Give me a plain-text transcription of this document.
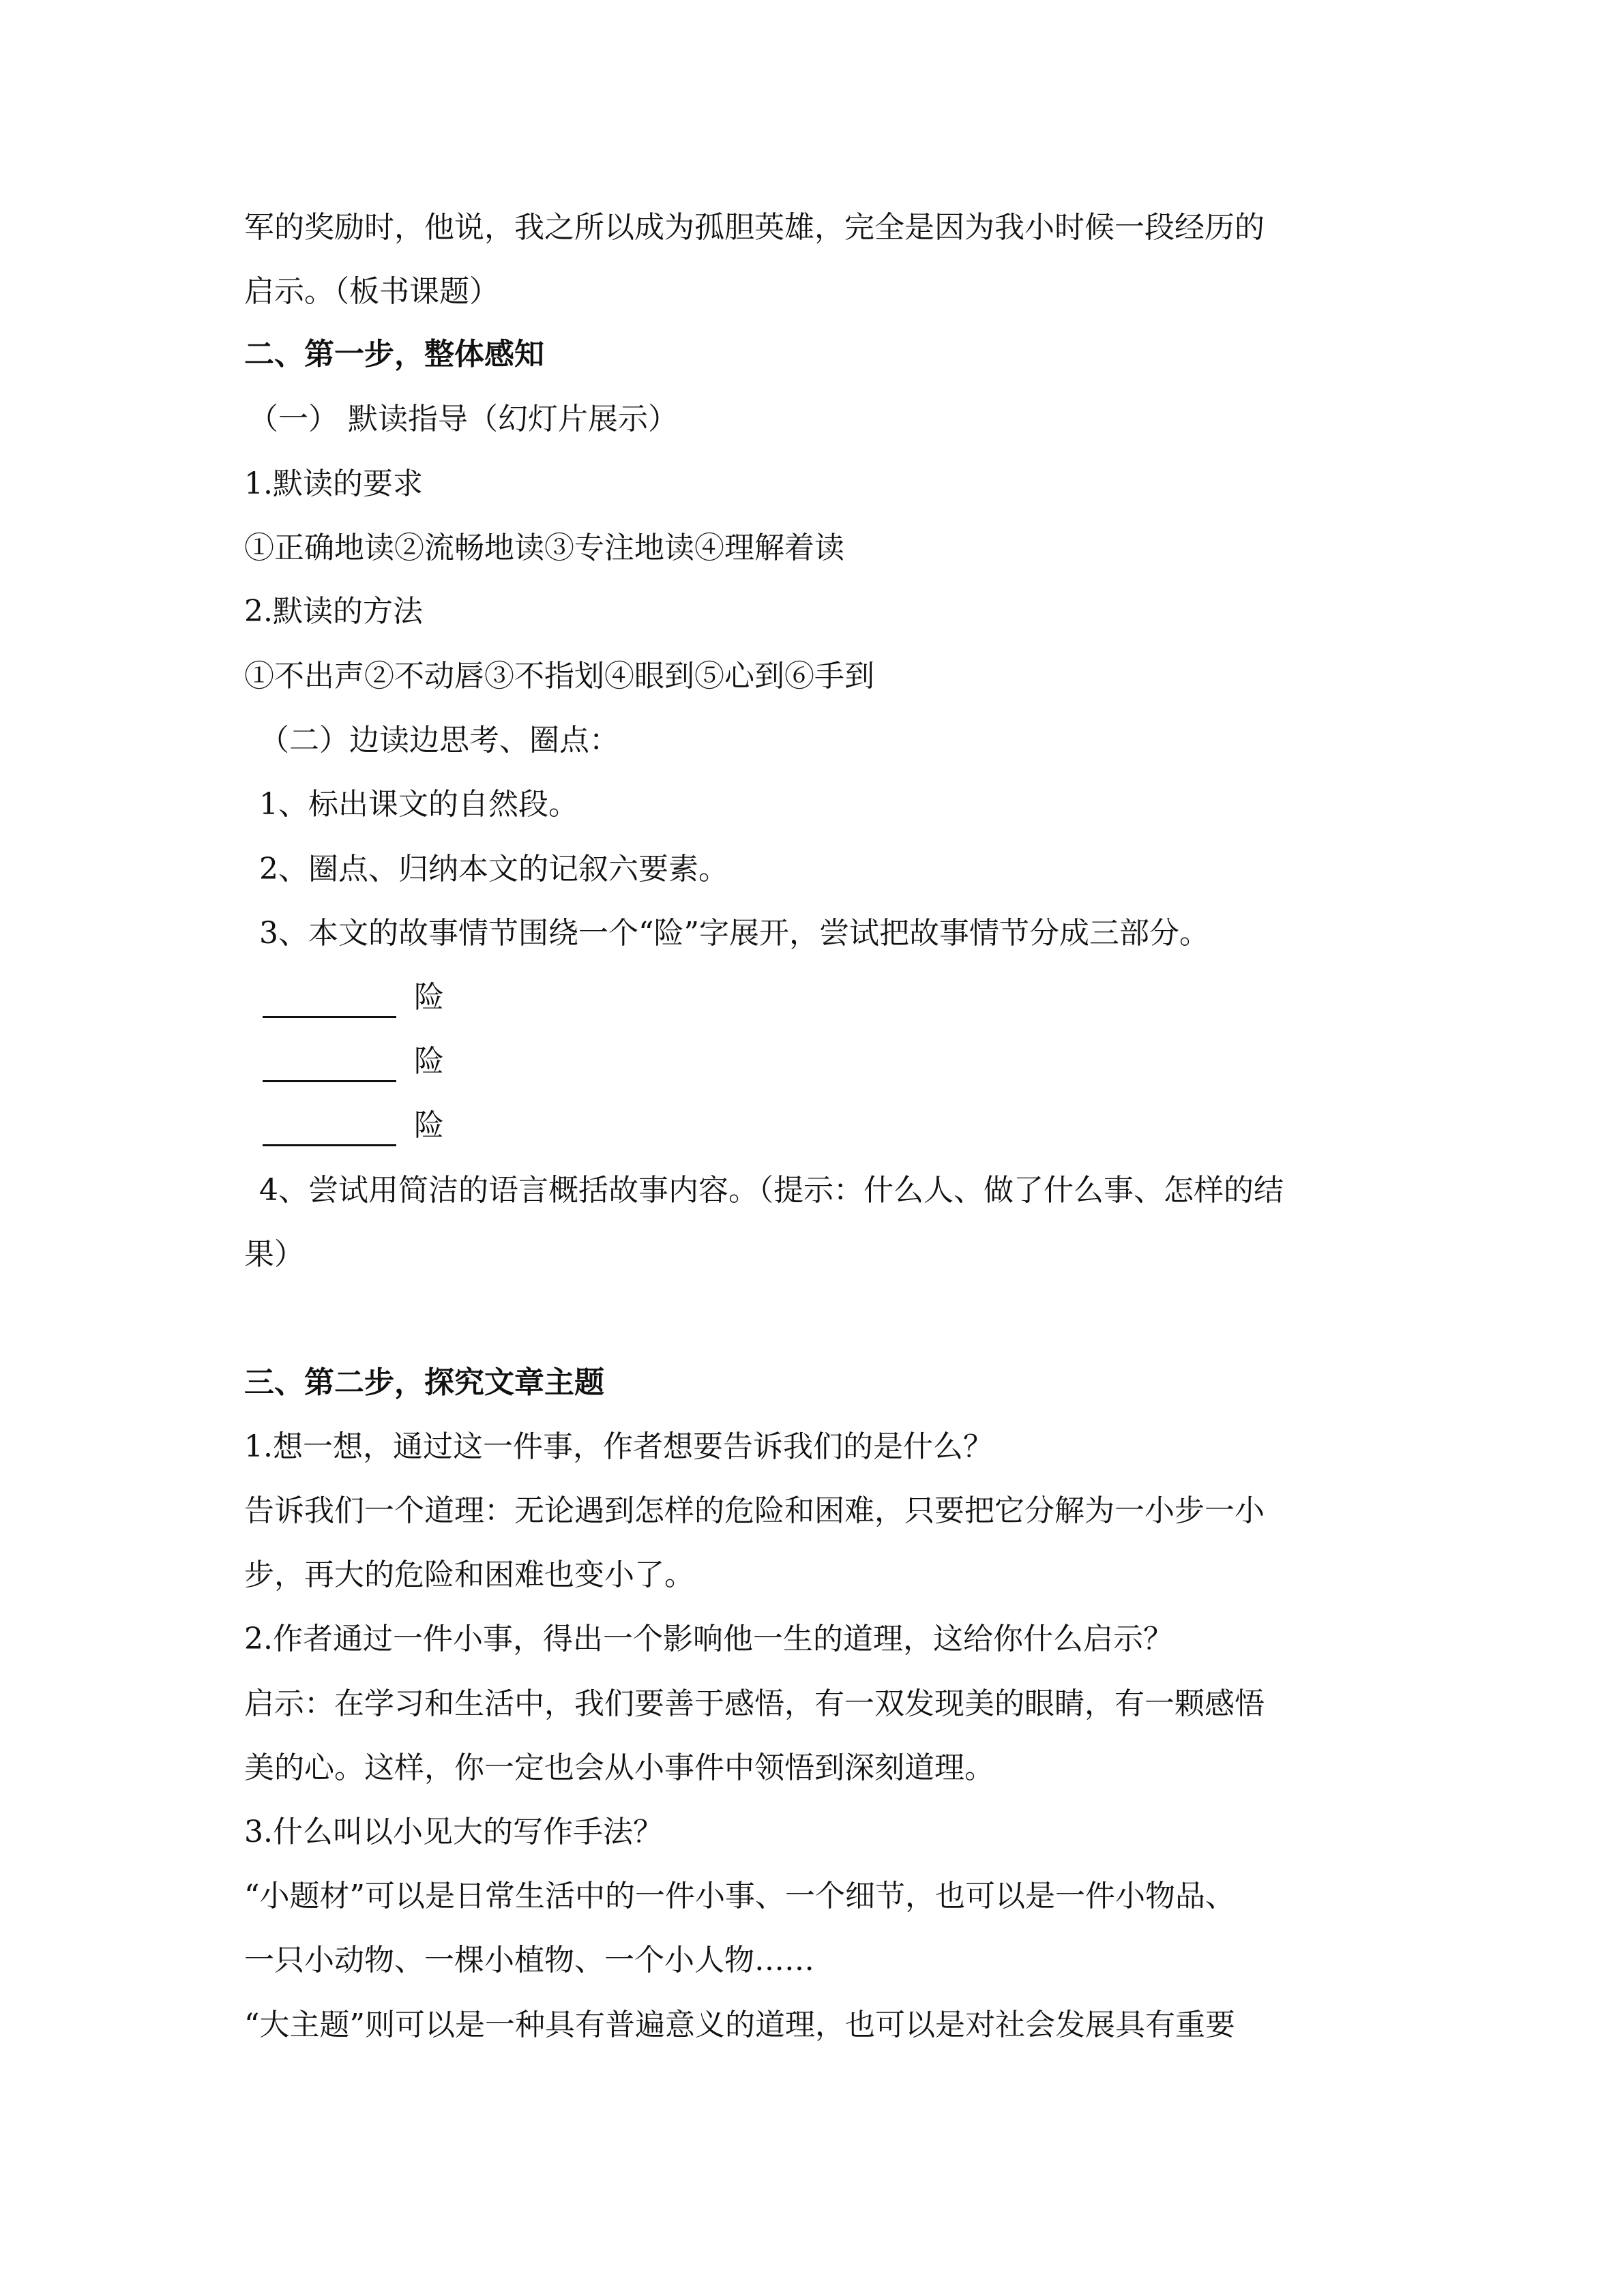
军的奖励时，他说，我之所以成为孤胆英雄，完全是因为我小时候一段经历的
启示。（板书课题）
二、第一步，整体感知
（一） 默读指导（幻灯片展示）
1.默读的要求
①正确地读②流畅地读③专注地读④理解着读
2.默读的方法
①不出声②不动唇③不指划④眼到⑤心到⑥手到
（二）边读边思考、圈点：
1、标出课文的自然段。
2、圈点、归纳本文的记叙六要素。
3、本文的故事情节围绕一个“险”字展开，尝试把故事情节分成三部分。
险
险
险
4、尝试用简洁的语言概括故事内容。（提示：什么人、做了什么事、怎样的结
果）
三、第二步，探究文章主题
1.想一想，通过这一件事，作者想要告诉我们的是什么？
告诉我们一个道理：无论遇到怎样的危险和困难，只要把它分解为一小步一小
步，再大的危险和困难也变小了。
2.作者通过一件小事，得出一个影响他一生的道理，这给你什么启示？
启示：在学习和生活中，我们要善于感悟，有一双发现美的眼睛，有一颗感悟
美的心。这样，你一定也会从小事件中领悟到深刻道理。
3.什么叫以小见大的写作手法？
“小题材”可以是日常生活中的一件小事、一个细节，也可以是一件小物品、
一只小动物、一棵小植物、一个小人物……
“大主题”则可以是一种具有普遍意义的道理，也可以是对社会发展具有重要
